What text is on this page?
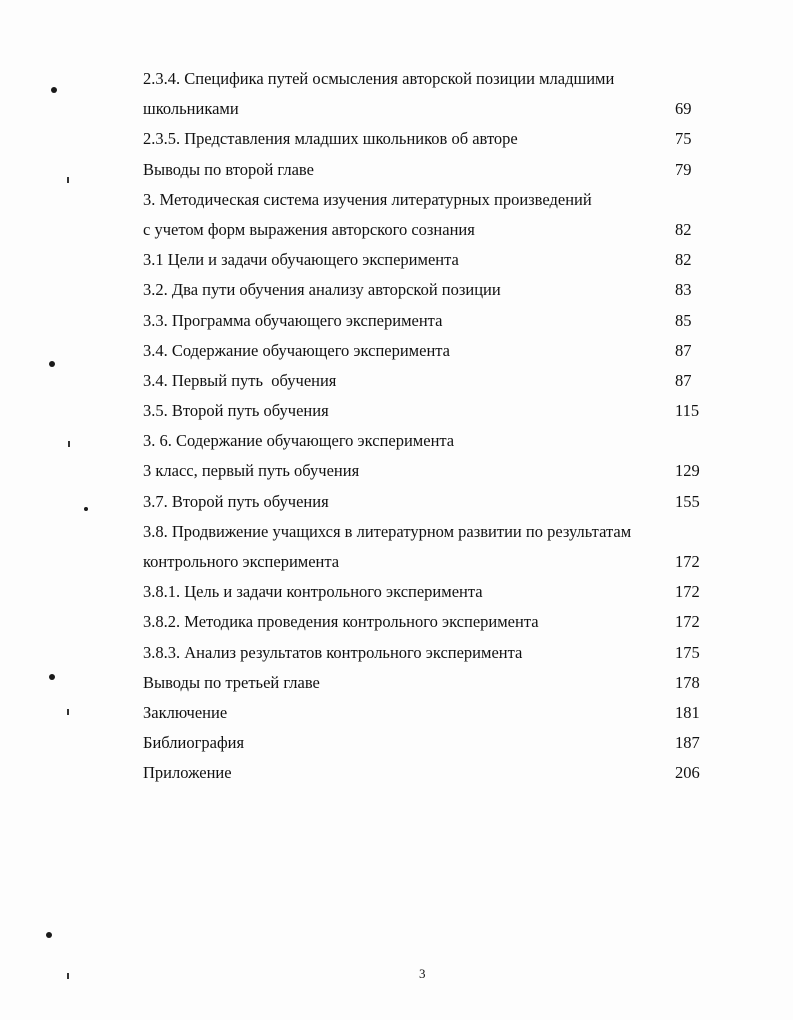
2.3.4. Специфика путей осмысления авторской позиции младшими
школьниками	69
2.3.5. Представления младших школьников об авторе	75
Выводы по второй главе	79
3. Методическая система изучения литературных произведений
с учетом форм выражения авторского сознания	82
3.1 Цели и задачи обучающего эксперимента	82
3.2. Два пути обучения анализу авторской позиции	83
3.3. Программа обучающего эксперимента	85
3.4. Содержание обучающего эксперимента	87
3.4. Первый путь  обучения	87
3.5. Второй путь обучения	115
3. 6. Содержание обучающего эксперимента
3 класс, первый путь обучения	129
3.7. Второй путь обучения	155
3.8. Продвижение учащихся в литературном развитии по результатам
контрольного эксперимента	172
3.8.1. Цель и задачи контрольного эксперимента	172
3.8.2. Методика проведения контрольного эксперимента	172
3.8.3. Анализ результатов контрольного эксперимента	175
Выводы по третьей главе	178
Заключение	181
Библиография	187
Приложение	206
3
